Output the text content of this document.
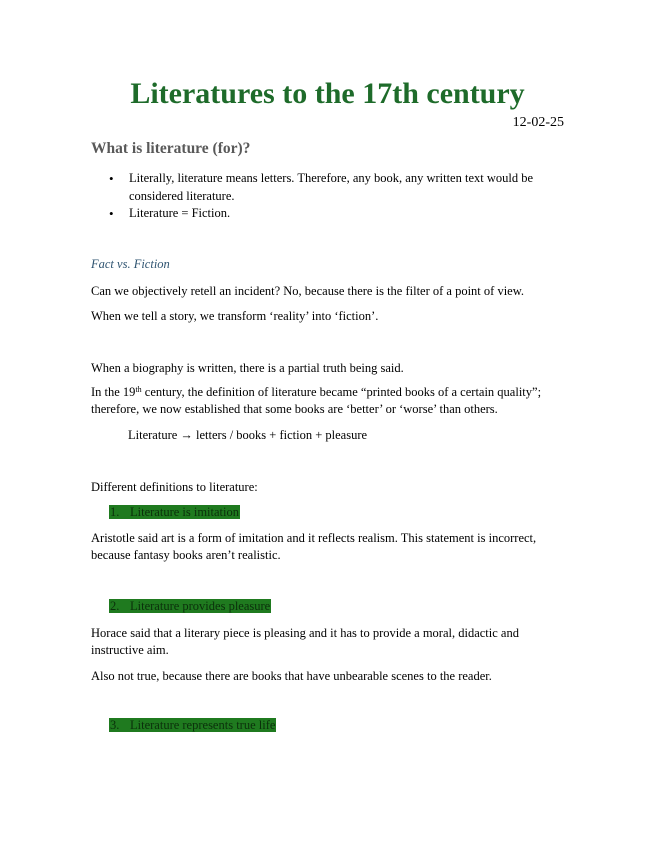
Literatures to the 17th century
12-02-25
What is literature (for)?
• Literally, literature means letters. Therefore, any book, any written text would be considered literature.
• Literature = Fiction.
Fact vs. Fiction
Can we objectively retell an incident? No, because there is the filter of a point of view.
When we tell a story, we transform ‘reality’ into ‘fiction’.
When a biography is written, there is a partial truth being said.
In the 19th century, the definition of literature became “printed books of a certain quality”; therefore, we now established that some books are ‘better’ or ‘worse’ than others.
Literature → letters / books + fiction + pleasure
Different definitions to literature:
1. Literature is imitation
Aristotle said art is a form of imitation and it reflects realism. This statement is incorrect, because fantasy books aren’t realistic.
2. Literature provides pleasure
Horace said that a literary piece is pleasing and it has to provide a moral, didactic and instructive aim.
Also not true, because there are books that have unbearable scenes to the reader.
3. Literature represents true life
